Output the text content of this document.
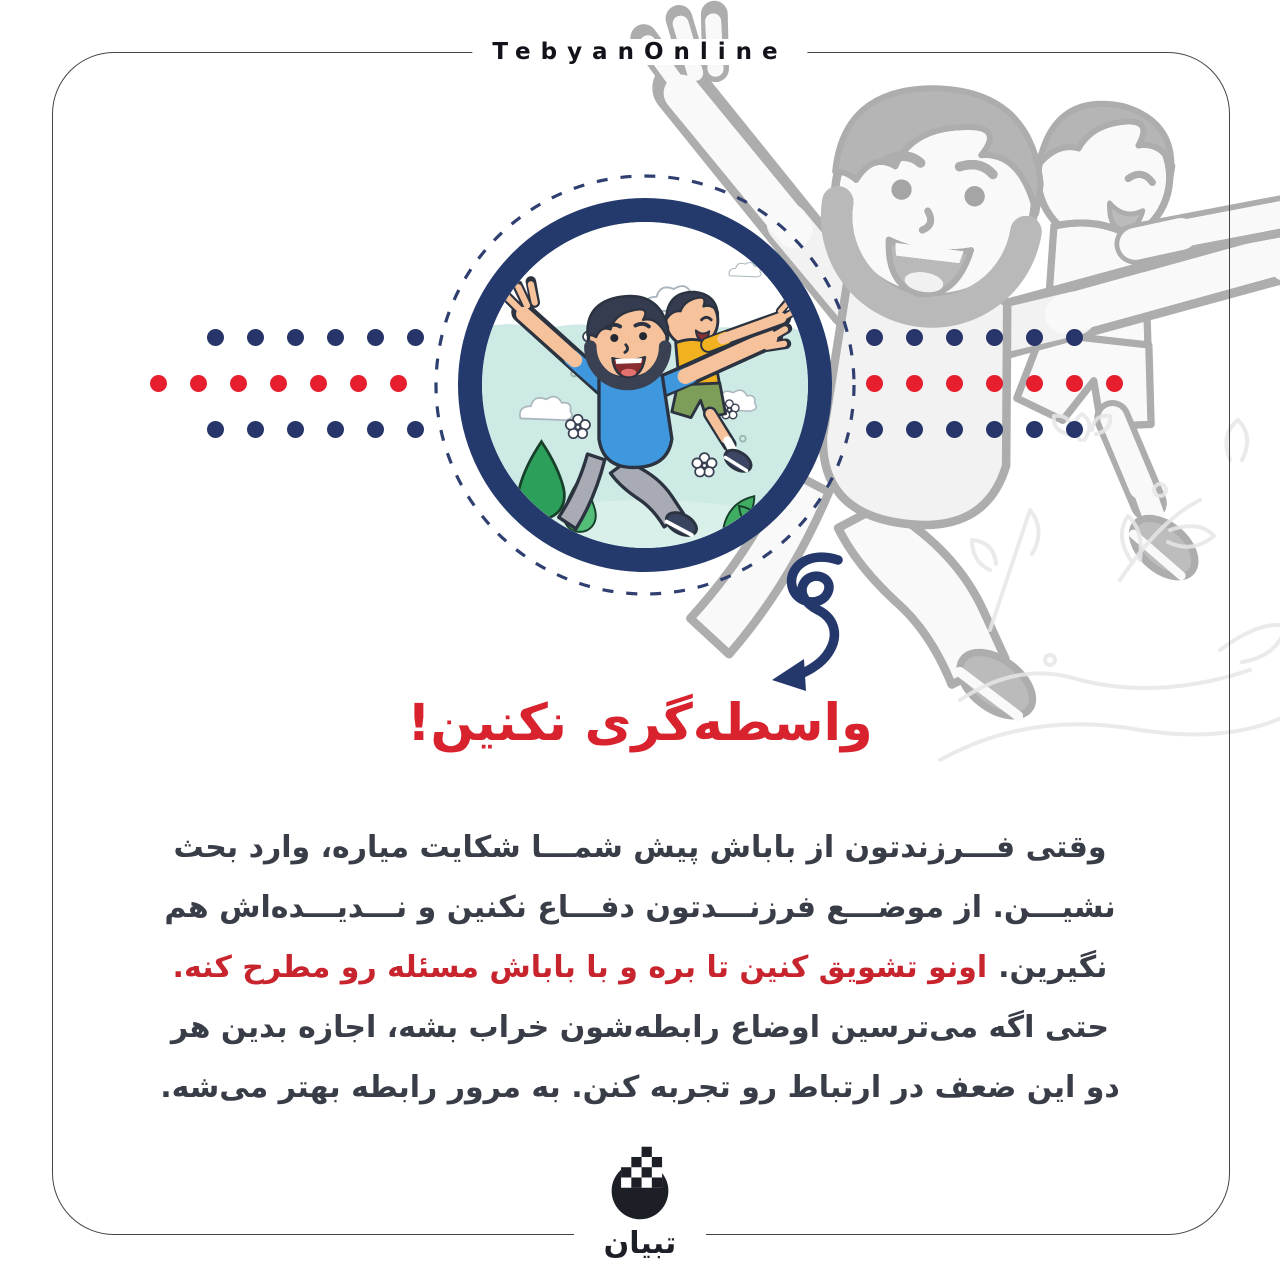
TebyanOnline
واسطه‌گری نکنین!
وقتی فـــرزندتون از باباش پیش شمـــا شکایت میاره، وارد بحث
نشیـــن. از موضـــع فرزنـــدتون دفـــاع نکنین و نـــدیـــده‌اش هم
نگیرین.اونو تشویق کنین تا بره و با باباش مسئله رو مطرح کنه.
حتی اگه می‌ترسین اوضاع رابطه‌شون خراب بشه، اجازه بدین هر
دو این ضعف در ارتباط رو تجربه کنن. به مرور رابطه بهتر می‌شه.
تبیان
